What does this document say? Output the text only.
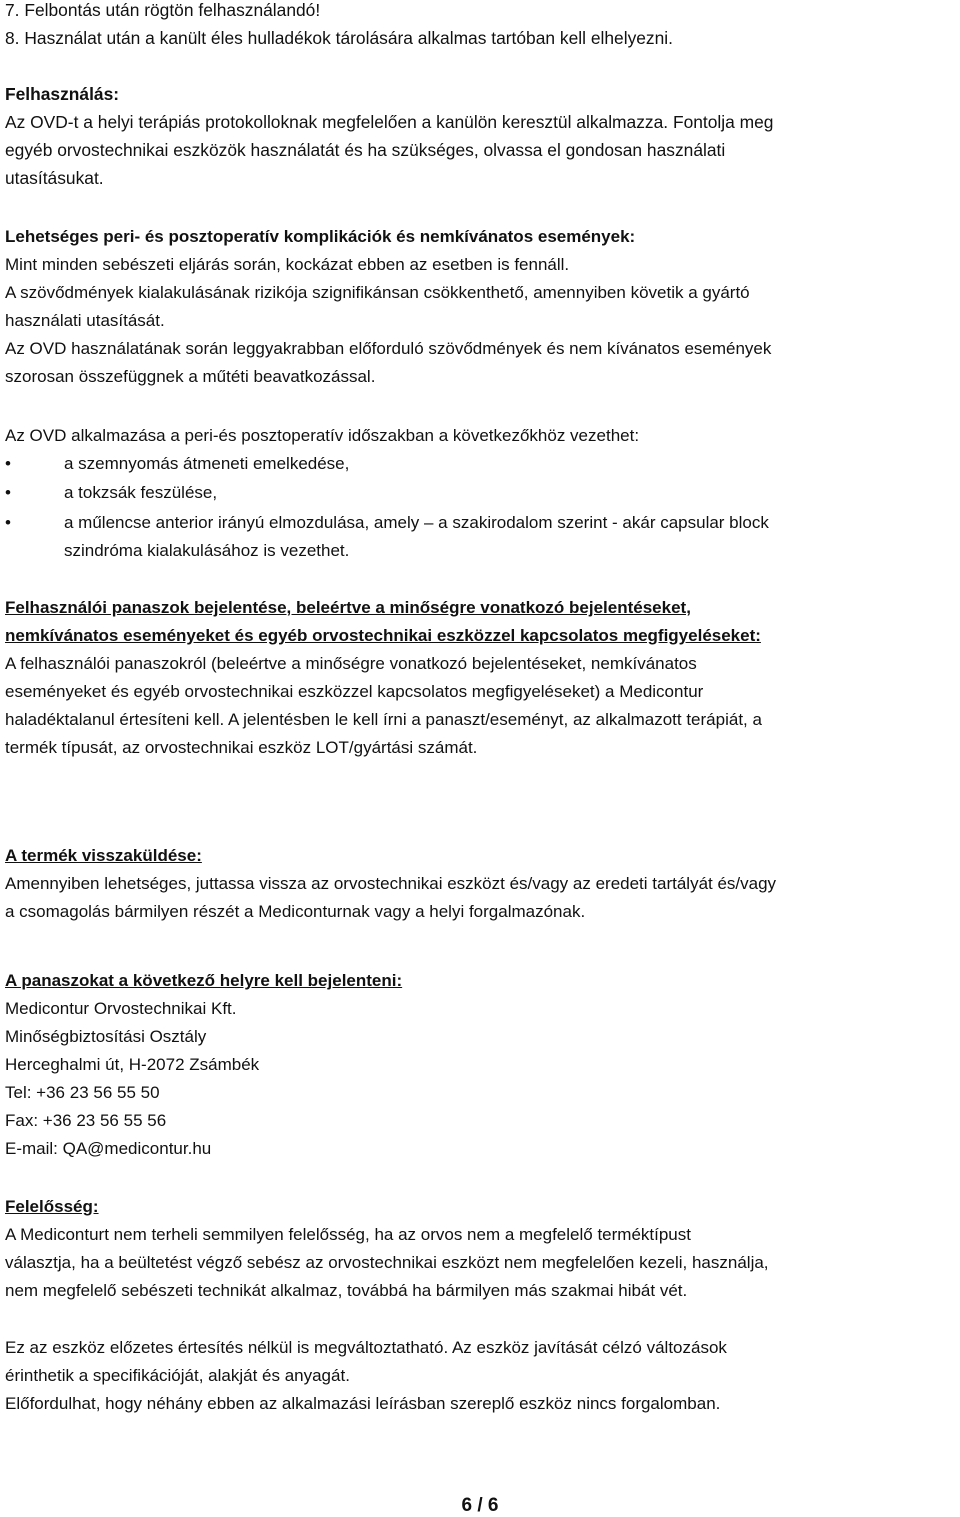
7. Felbontás után rögtön felhasználandó!
8. Használat után a kanült éles hulladékok tárolására alkalmas tartóban kell elhelyezni.
Felhasználás:
Az OVD-t a helyi terápiás protokolloknak megfelelően a kanülön keresztül alkalmazza. Fontolja meg
egyéb orvostechnikai eszközök használatát és ha szükséges, olvassa el gondosan használati
utasításukat.
Lehetséges peri- és posztoperatív komplikációk és nemkívánatos események:
Mint minden sebészeti eljárás során, kockázat ebben az esetben is fennáll.
A szövődmények kialakulásának rizikója szignifikánsan csökkenthető, amennyiben követik a gyártó
használati utasítását.
Az OVD használatának során leggyakrabban előforduló szövődmények és nem kívánatos események
szorosan összefüggnek a műtéti beavatkozással.
Az OVD alkalmazása a peri-és posztoperatív időszakban a következőkhöz vezethet:
•	a szemnyomás átmeneti emelkedése,
•	a tokzsák feszülése,
•	a műlencse anterior irányú elmozdulása, amely – a szakirodalom szerint - akár capsular block
szindróma kialakulásához is vezethet.
Felhasználói panaszok bejelentése, beleértve a minőségre vonatkozó bejelentéseket,
nemkívánatos eseményeket és egyéb orvostechnikai eszközzel kapcsolatos megfigyeléseket:
A felhasználói panaszokról (beleértve a minőségre vonatkozó bejelentéseket, nemkívánatos
eseményeket és egyéb orvostechnikai eszközzel kapcsolatos megfigyeléseket) a Medicontur
haladéktalanul értesíteni kell. A jelentésben le kell írni a panaszt/eseményt, az alkalmazott terápiát, a
termék típusát, az orvostechnikai eszköz LOT/gyártási számát.
A termék visszaküldése:
Amennyiben lehetséges, juttassa vissza az orvostechnikai eszközt és/vagy az eredeti tartályát és/vagy
a csomagolás bármilyen részét a Mediconturnak vagy a helyi forgalmazónak.
A panaszokat a következő helyre kell bejelenteni:
Medicontur Orvostechnikai Kft.
Minőségbiztosítási Osztály
Herceghalmi út, H-2072 Zsámbék
Tel: +36 23 56 55 50
Fax: +36 23 56 55 56
E-mail: QA@medicontur.hu
Felelősség:
A Mediconturt nem terheli semmilyen felelősség, ha az orvos nem a megfelelő terméktípust
választja, ha a beültetést végző sebész az orvostechnikai eszközt nem megfelelően kezeli, használja,
nem megfelelő sebészeti technikát alkalmaz, továbbá ha bármilyen más szakmai hibát vét.
Ez az eszköz előzetes értesítés nélkül is megváltoztatható. Az eszköz javítását célzó változások
érinthetik a specifikációját, alakját és anyagát.
Előfordulhat, hogy néhány ebben az alkalmazási leírásban szereplő eszköz nincs forgalomban.
6 / 6
